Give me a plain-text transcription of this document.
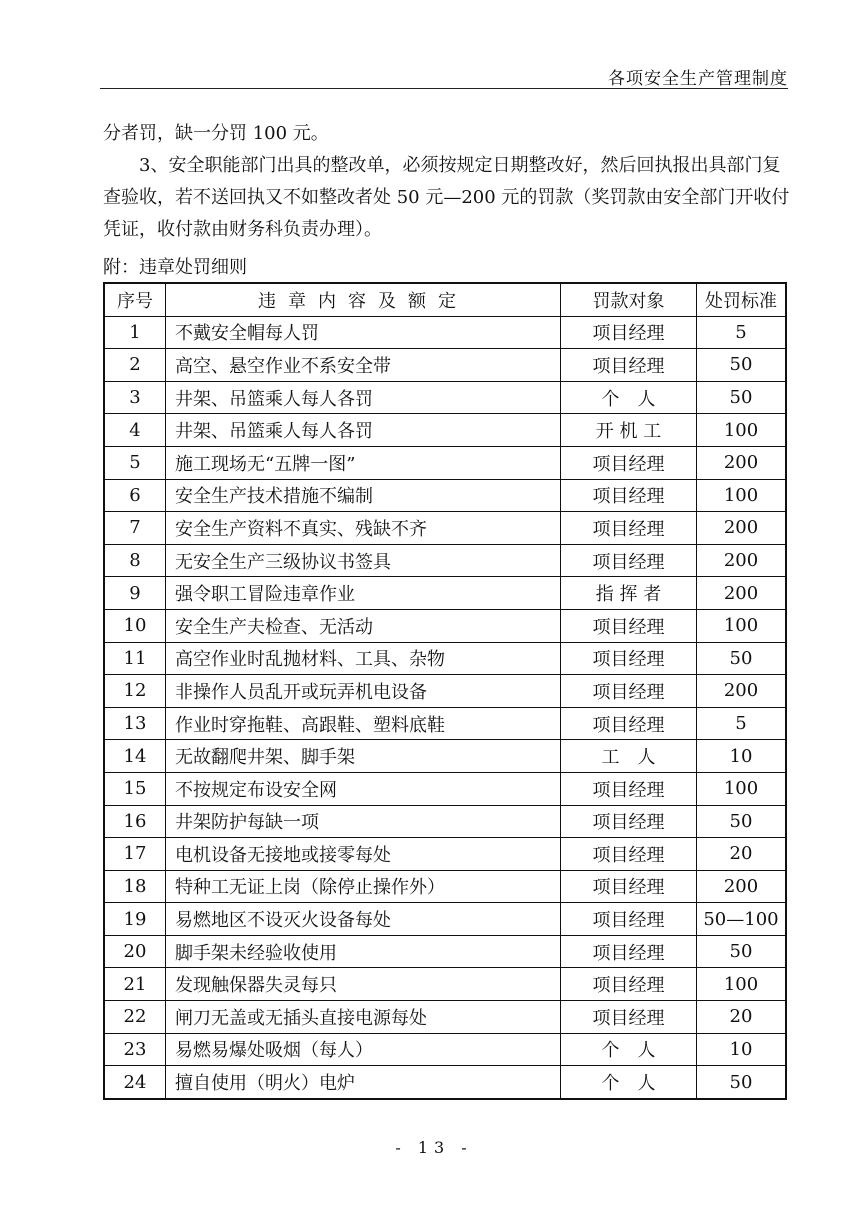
各项安全生产管理制度
分者罚，缺一分罚 100 元。
3、安全职能部门出具的整改单，必须按规定日期整改好，然后回执报出具部门复查验收，若不送回执又不如整改者处 50 元—200 元的罚款（奖罚款由安全部门开收付凭证，收付款由财务科负责办理）。
附：违章处罚细则
序号	违章内容及额定	罚款对象	处罚标准
1	不戴安全帽每人罚	项目经理	5
2	高空、悬空作业不系安全带	项目经理	50
3	井架、吊篮乘人每人各罚	个　人	50
4	井架、吊篮乘人每人各罚	开 机 工	100
5	施工现场无“五牌一图”	项目经理	200
6	安全生产技术措施不编制	项目经理	100
7	安全生产资料不真实、残缺不齐	项目经理	200
8	无安全生产三级协议书签具	项目经理	200
9	强令职工冒险违章作业	指 挥 者	200
10	安全生产夫检查、无活动	项目经理	100
11	高空作业时乱抛材料、工具、杂物	项目经理	50
12	非操作人员乱开或玩弄机电设备	项目经理	200
13	作业时穿拖鞋、高跟鞋、塑料底鞋	项目经理	5
14	无故翻爬井架、脚手架	工　人	10
15	不按规定布设安全网	项目经理	100
16	井架防护每缺一项	项目经理	50
17	电机设备无接地或接零每处	项目经理	20
18	特种工无证上岗（除停止操作外）	项目经理	200
19	易燃地区不设灭火设备每处	项目经理	50—100
20	脚手架未经验收使用	项目经理	50
21	发现触保器失灵每只	项目经理	100
22	闸刀无盖或无插头直接电源每处	项目经理	20
23	易燃易爆处吸烟（每人）	个　人	10
24	擅自使用（明火）电炉	个　人	50
- 13 -
